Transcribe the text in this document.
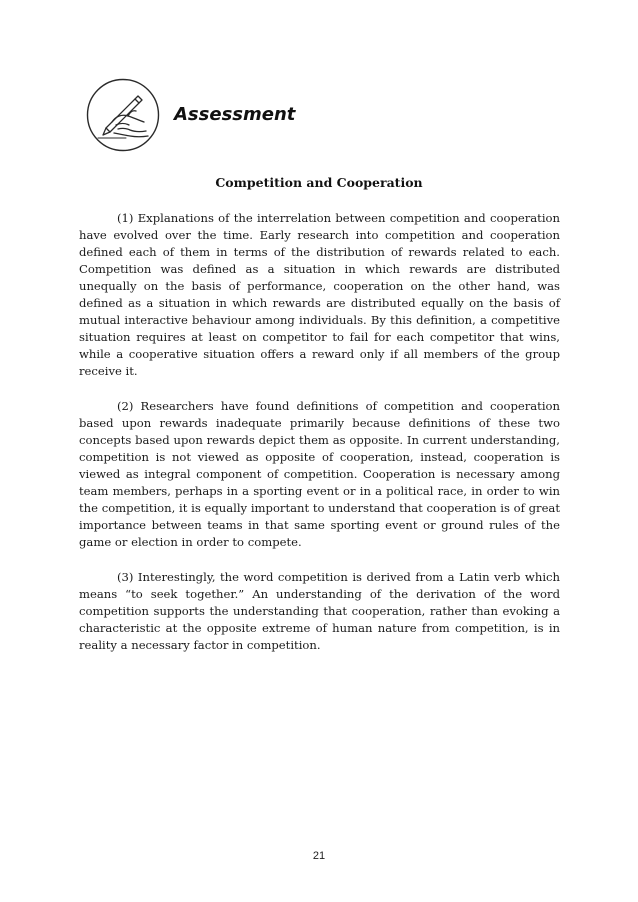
Assessment
Competition and Cooperation

(1) Explanations of the interrelation between competition and cooperation have evolved over the time. Early research into competition and cooperation defined each of them in terms of the distribution of rewards related to each. Competition was defined as a situation in which rewards are distributed unequally on the basis of performance, cooperation on the other hand, was defined as a situation in which rewards are distributed equally on the basis of mutual interactive behaviour among individuals. By this definition, a competitive situation requires at least on competitor to fail for each competitor that wins, while a cooperative situation offers a reward only if all members of the group receive it.

(2) Researchers have found definitions of competition and cooperation based upon rewards inadequate primarily because definitions of these two concepts based upon rewards depict them as opposite. In current understanding, competition is not viewed as opposite of cooperation, instead, cooperation is viewed as integral component of competition. Cooperation is necessary among team members, perhaps in a sporting event or in a political race, in order to win the competition, it is equally important to understand that cooperation is of great importance between teams in that same sporting event or ground rules of the game or election in order to compete.

(3) Interestingly, the word competition is derived from a Latin verb which means “to seek together.” An understanding of the derivation of the word competition supports the understanding that cooperation, rather than evoking a characteristic at the opposite extreme of human nature from competition, is in reality a necessary factor in competition.

21
